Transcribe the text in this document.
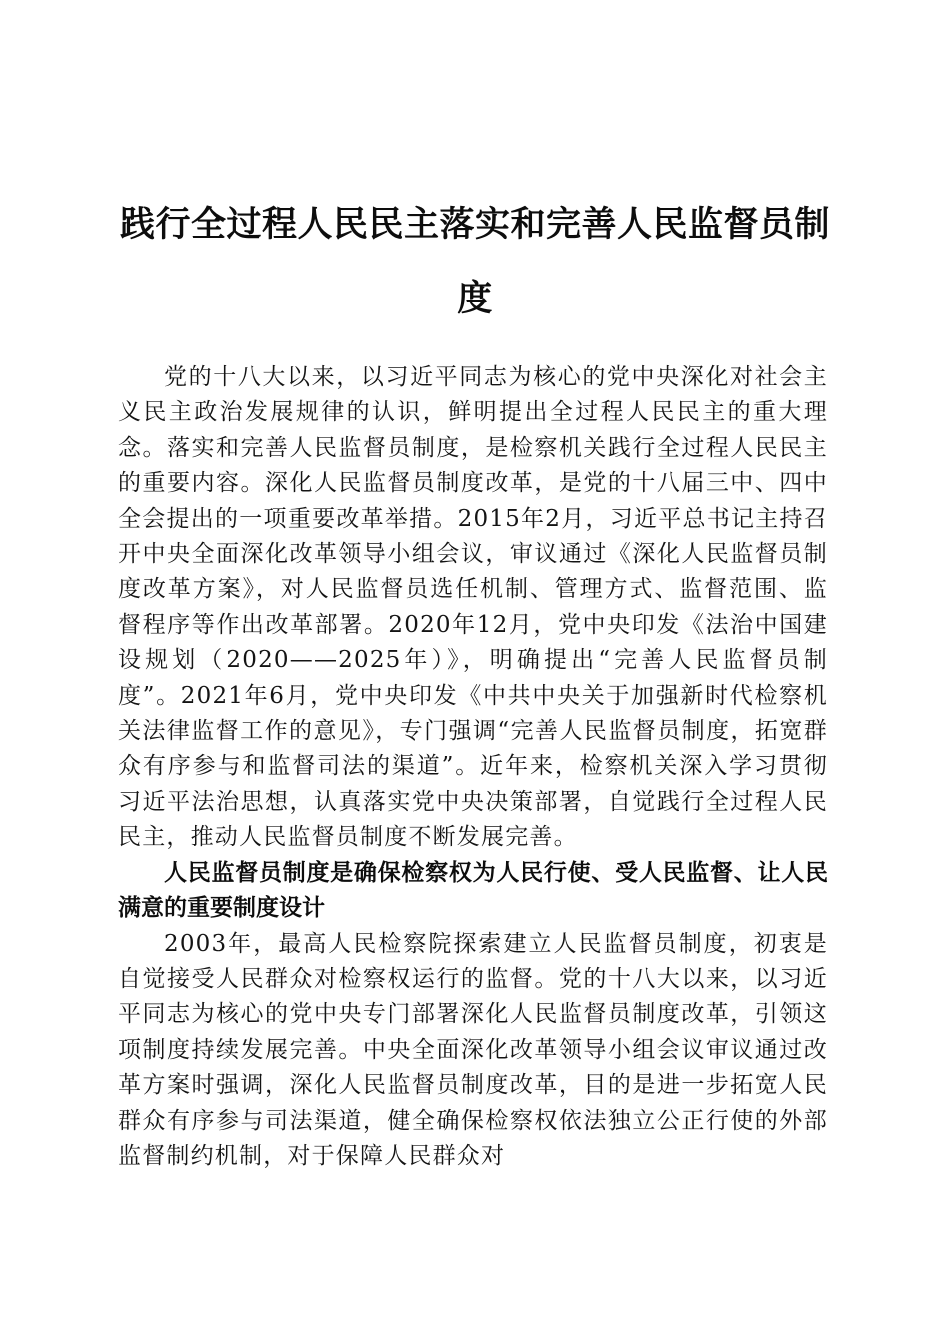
践行全过程人民民主落实和完善人民监督员制度

党的十八大以来，以习近平同志为核心的党中央深化对社会主义民主政治发展规律的认识，鲜明提出全过程人民民主的重大理念。落实和完善人民监督员制度，是检察机关践行全过程人民民主的重要内容。深化人民监督员制度改革，是党的十八届三中、四中全会提出的一项重要改革举措。2015年2月，习近平总书记主持召开中央全面深化改革领导小组会议，审议通过《深化人民监督员制度改革方案》，对人民监督员选任机制、管理方式、监督范围、监督程序等作出改革部署。2020年12月，党中央印发《法治中国建设规划（2020——2025年）》，明确提出“完善人民监督员制度”。2021年6月，党中央印发《中共中央关于加强新时代检察机关法律监督工作的意见》，专门强调“完善人民监督员制度，拓宽群众有序参与和监督司法的渠道”。近年来，检察机关深入学习贯彻习近平法治思想，认真落实党中央决策部署，自觉践行全过程人民民主，推动人民监督员制度不断发展完善。

人民监督员制度是确保检察权为人民行使、受人民监督、让人民满意的重要制度设计

2003年，最高人民检察院探索建立人民监督员制度，初衷是自觉接受人民群众对检察权运行的监督。党的十八大以来，以习近平同志为核心的党中央专门部署深化人民监督员制度改革，引领这项制度持续发展完善。中央全面深化改革领导小组会议审议通过改革方案时强调，深化人民监督员制度改革，目的是进一步拓宽人民群众有序参与司法渠道，健全确保检察权依法独立公正行使的外部监督制约机制，对于保障人民群众对
